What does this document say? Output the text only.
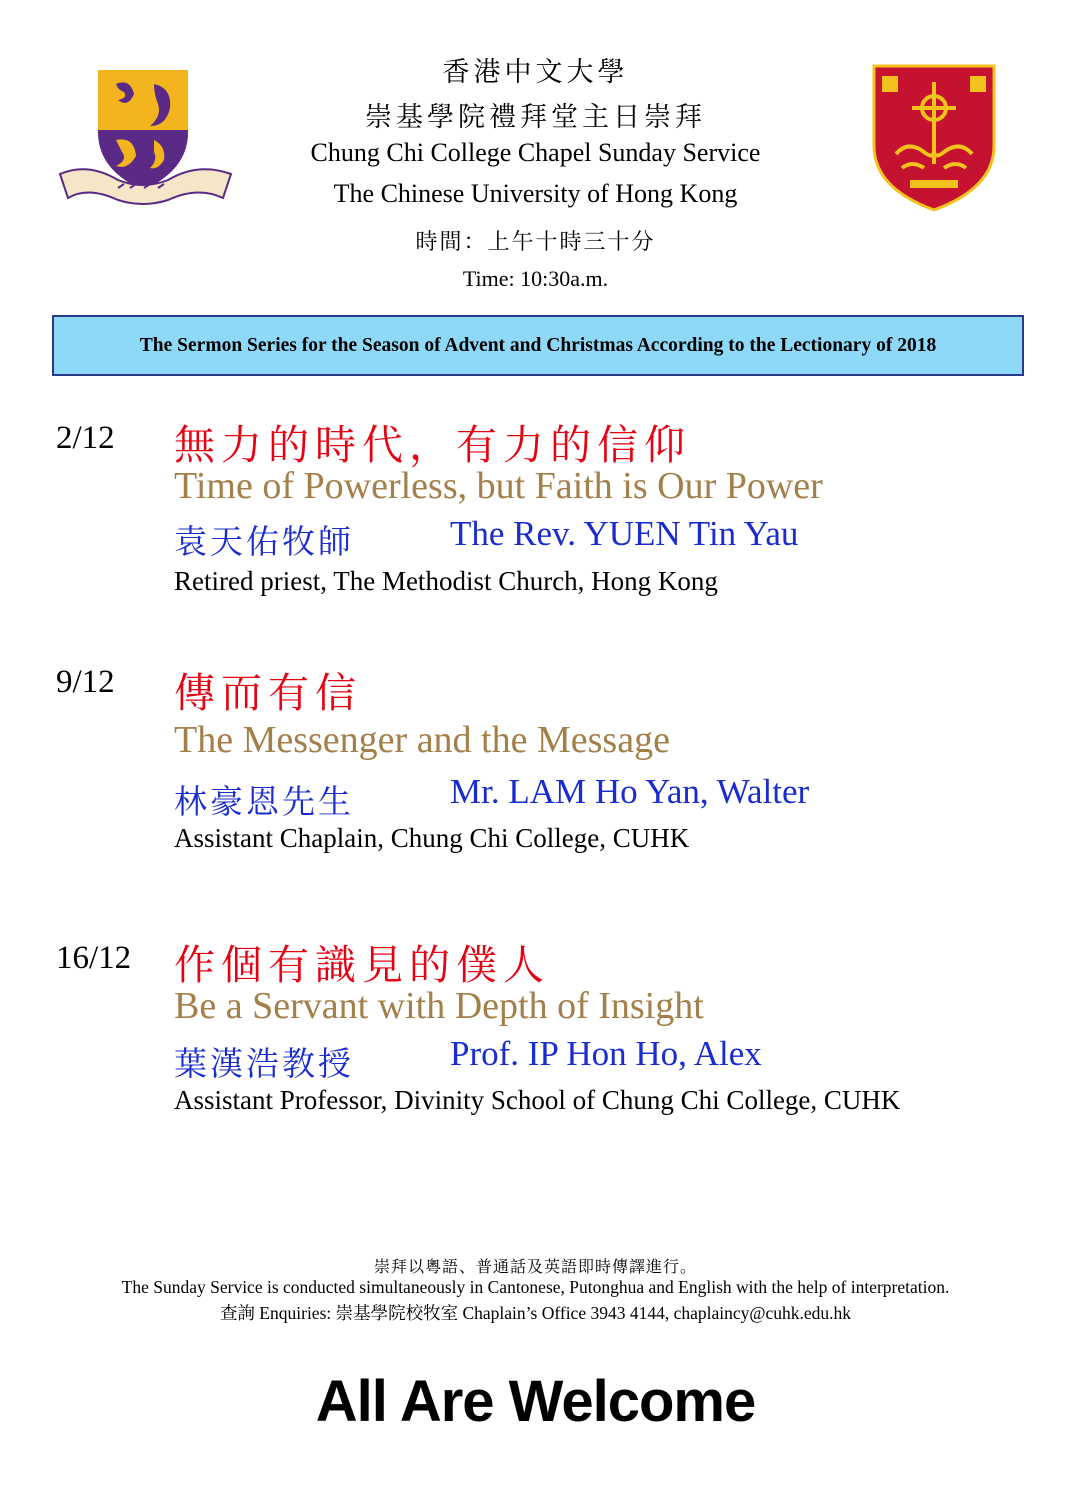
香港中文大學
崇基學院禮拜堂主日崇拜
Chung Chi College Chapel Sunday Service
The Chinese University of Hong Kong
時間：上午十時三十分
Time: 10:30a.m.
The Sermon Series for the Season of Advent and Christmas According to the Lectionary of 2018
2/12 無力的時代，有力的信仰
Time of Powerless, but Faith is Our Power
袁天佑牧師	The Rev. YUEN Tin Yau
Retired priest, The Methodist Church, Hong Kong
9/12 傳而有信
The Messenger and the Message
林豪恩先生	Mr. LAM Ho Yan, Walter
Assistant Chaplain, Chung Chi College, CUHK
16/12 作個有識見的僕人
Be a Servant with Depth of Insight
葉漢浩教授	Prof. IP Hon Ho, Alex
Assistant Professor, Divinity School of Chung Chi College, CUHK
崇拜以粵語、普通話及英語即時傳譯進行。
The Sunday Service is conducted simultaneously in Cantonese, Putonghua and English with the help of interpretation.
查詢 Enquiries: 崇基學院校牧室 Chaplain’s Office 3943 4144, chaplaincy@cuhk.edu.hk
All Are Welcome
